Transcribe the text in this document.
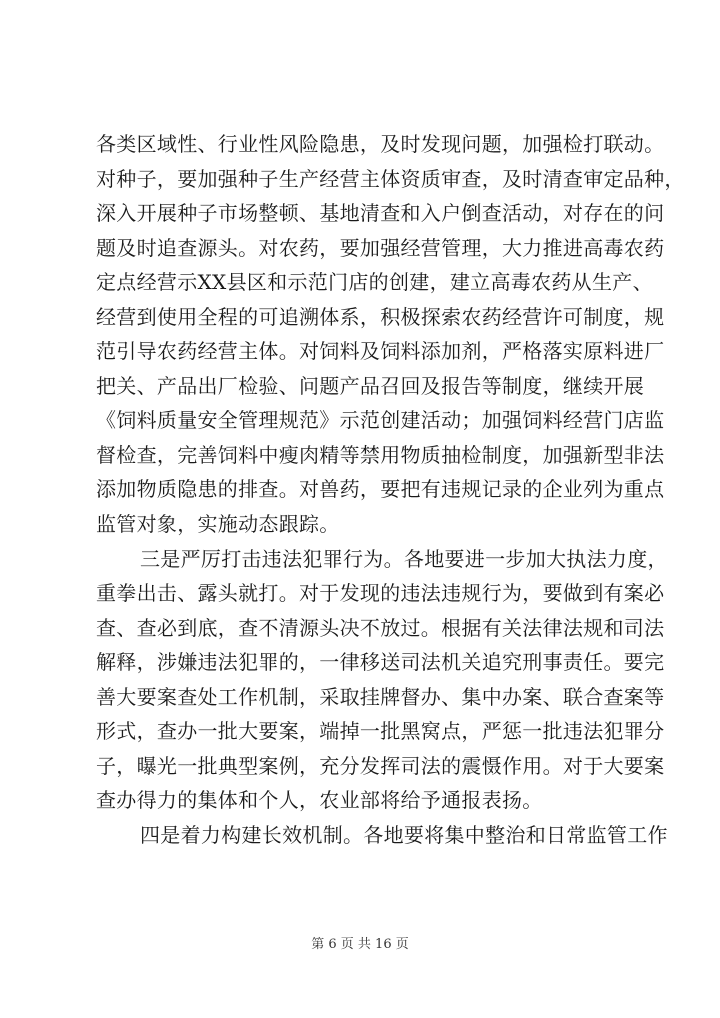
各类区域性、行业性风险隐患，及时发现问题，加强检打联动。
对种子，要加强种子生产经营主体资质审查，及时清查审定品种，
深入开展种子市场整顿、基地清查和入户倒查活动，对存在的问
题及时追查源头。对农药，要加强经营管理，大力推进高毒农药
定点经营示XX县区和示范门店的创建，建立高毒农药从生产、
经营到使用全程的可追溯体系，积极探索农药经营许可制度，规
范引导农药经营主体。对饲料及饲料添加剂，严格落实原料进厂
把关、产品出厂检验、问题产品召回及报告等制度，继续开展
《饲料质量安全管理规范》示范创建活动；加强饲料经营门店监
督检查，完善饲料中瘦肉精等禁用物质抽检制度，加强新型非法
添加物质隐患的排查。对兽药，要把有违规记录的企业列为重点
监管对象，实施动态跟踪。
三是严厉打击违法犯罪行为。各地要进一步加大执法力度，
重拳出击、露头就打。对于发现的违法违规行为，要做到有案必
查、查必到底，查不清源头决不放过。根据有关法律法规和司法
解释，涉嫌违法犯罪的，一律移送司法机关追究刑事责任。要完
善大要案查处工作机制，采取挂牌督办、集中办案、联合查案等
形式，查办一批大要案，端掉一批黑窝点，严惩一批违法犯罪分
子，曝光一批典型案例，充分发挥司法的震慑作用。对于大要案
查办得力的集体和个人，农业部将给予通报表扬。
四是着力构建长效机制。各地要将集中整治和日常监管工作
第 6 页 共 16 页
